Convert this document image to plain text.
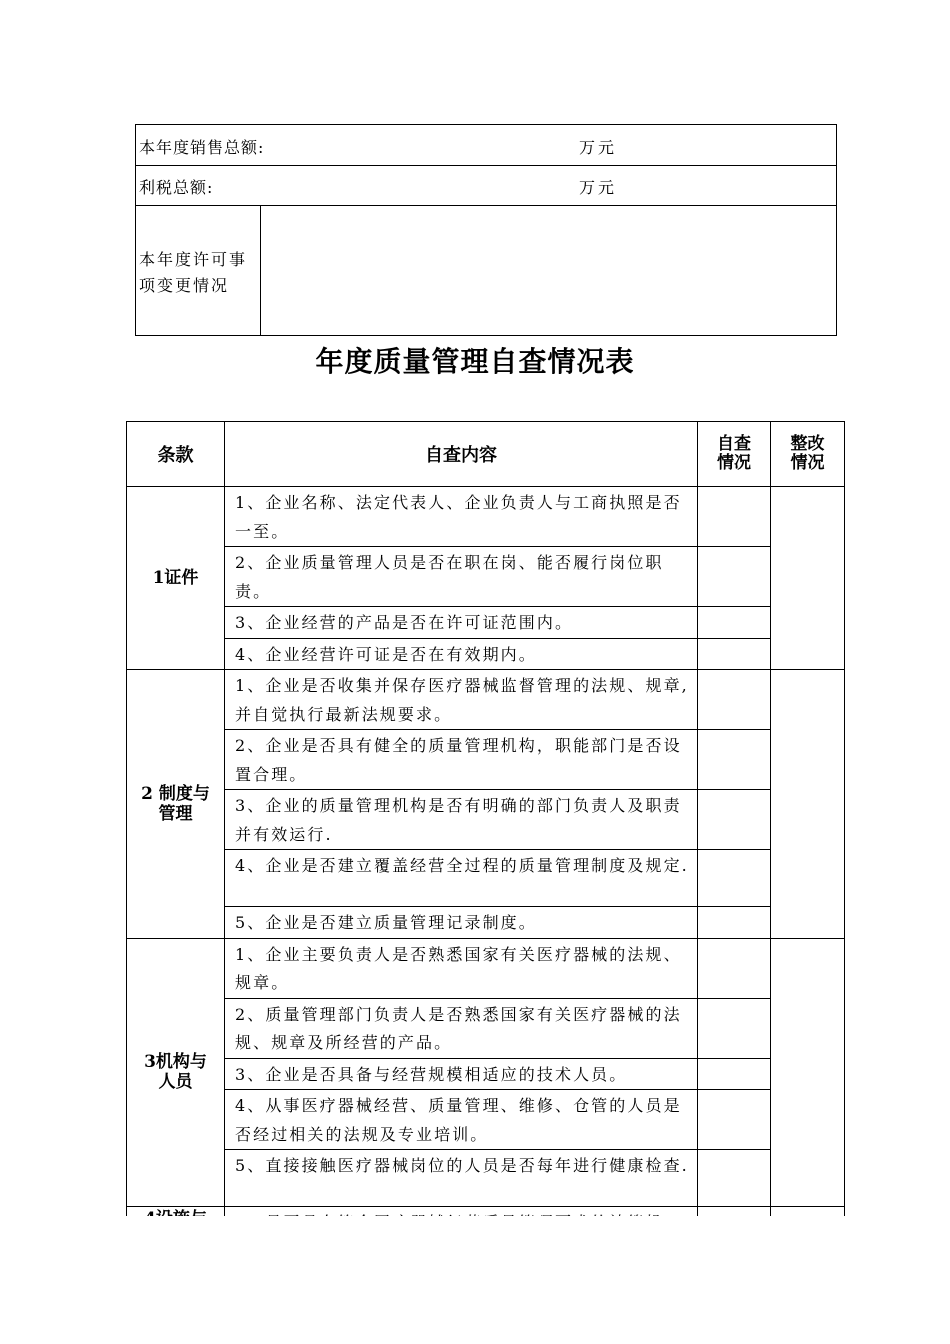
本年度销售总额:	万元
利税总额:	万元
本年度许可事项变更情况
年度质量管理自查情况表
条款	自查内容	自查情况	整改情况

1证件	1、企业名称、法定代表人、企业负责人与工商执照是否一至。		
	2、企业质量管理人员是否在职在岗、能否履行岗位职责。		
	3、企业经营的产品是否在许可证范围内。		
	4、企业经营许可证是否在有效期内。		

2 制度与管理	1、企业是否收集并保存医疗器械监督管理的法规、规章,并自觉执行最新法规要求。		
	2、企业是否具有健全的质量管理机构，职能部门是否设置合理。		
	3、企业的质量管理机构是否有明确的部门负责人及职责并有效运行.		
	4、企业是否建立覆盖经营全过程的质量管理制度及规定.		
	5、企业是否建立质量管理记录制度。		

3机构与人员	1、企业主要负责人是否熟悉国家有关医疗器械的法规、规章。		
	2、质量管理部门负责人是否熟悉国家有关医疗器械的法规、规章及所经营的产品。		
	3、企业是否具备与经营规模相适应的技术人员。		
	4、从事医疗器械经营、质量管理、维修、仓管的人员是否经过相关的法规及专业培训。		
	5、直接接触医疗器械岗位的人员是否每年进行健康检查.		
